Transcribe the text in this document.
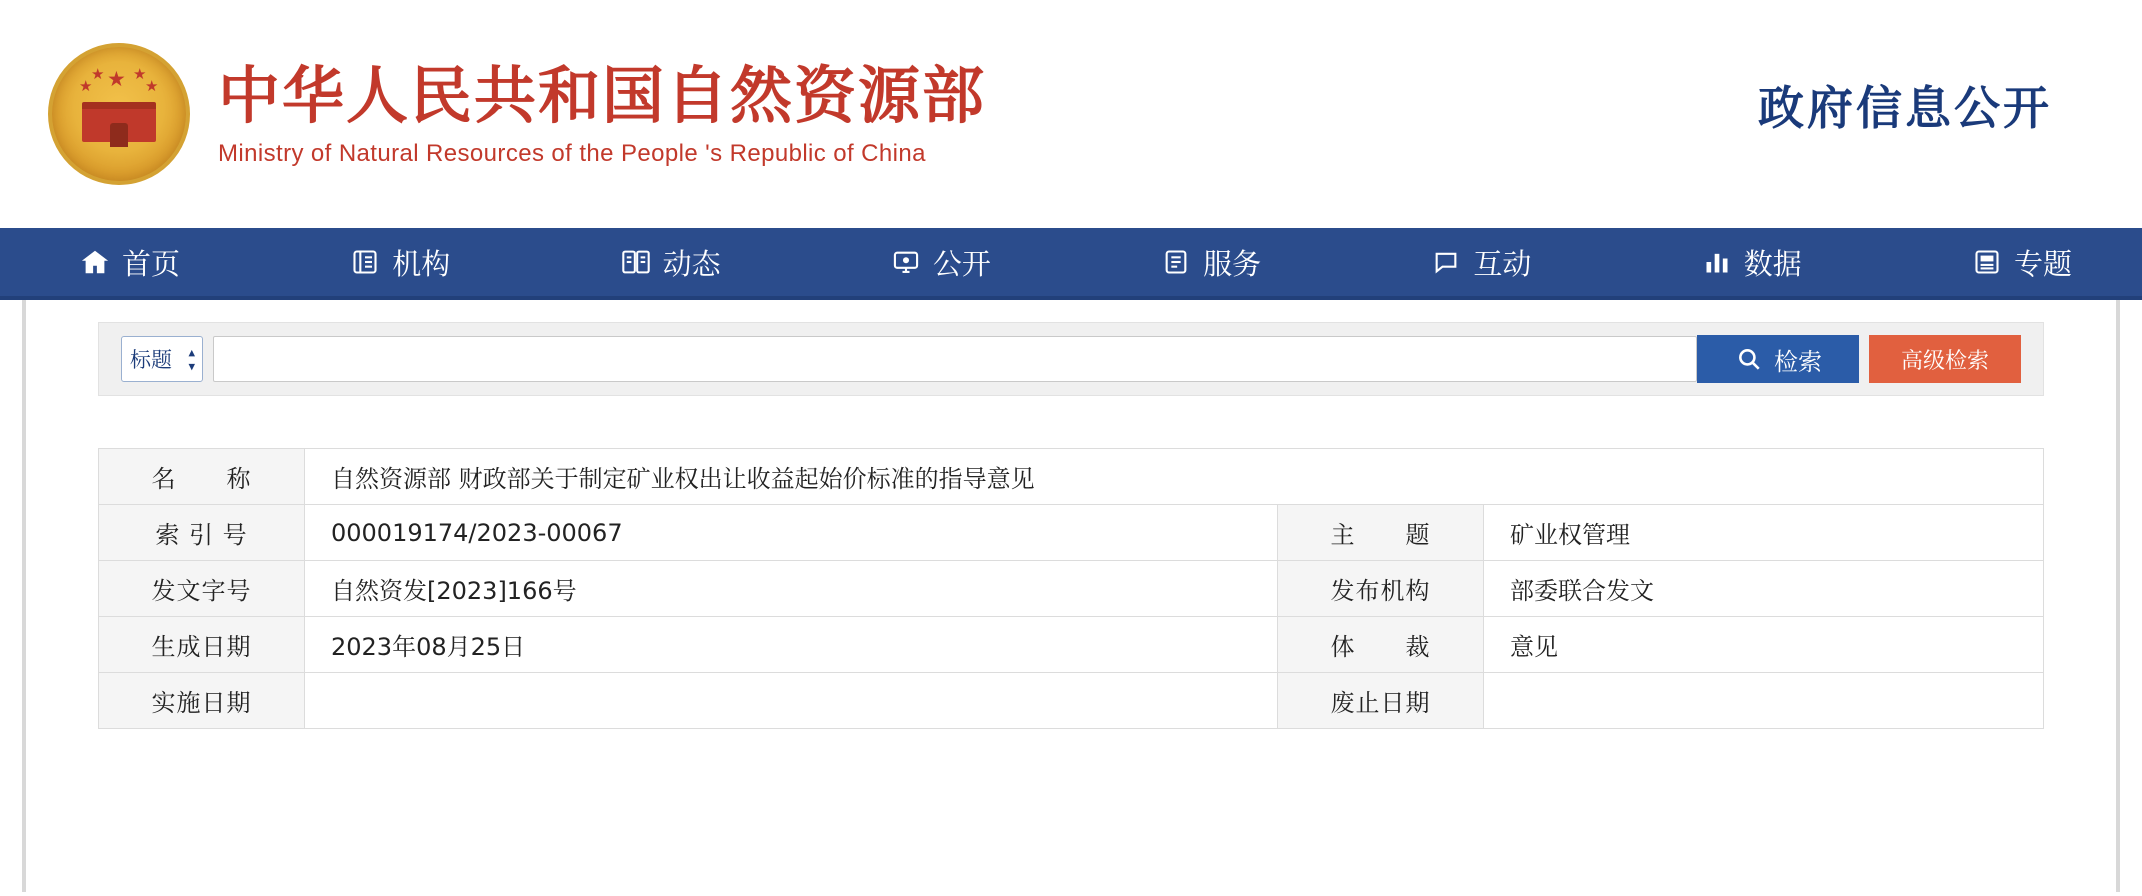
★
★
★ ★
★ 中华人民共和国自然资源部
Ministry of Natural Resources of the People 's Republic of China
政府信息公开
首页	机构	动态	公开	服务	互动	数据	专题
标题 ▴
▾	检索	高级检索
名　　称	自然资源部 财政部关于制定矿业权出让收益起始价标准的指导意见		
索 引 号	000019174/2023-00067	主　　题	矿业权管理
发文字号	自然资发[2023]166号	发布机构	部委联合发文
生成日期	2023年08月25日	体　　裁	意见
实施日期		废止日期	
